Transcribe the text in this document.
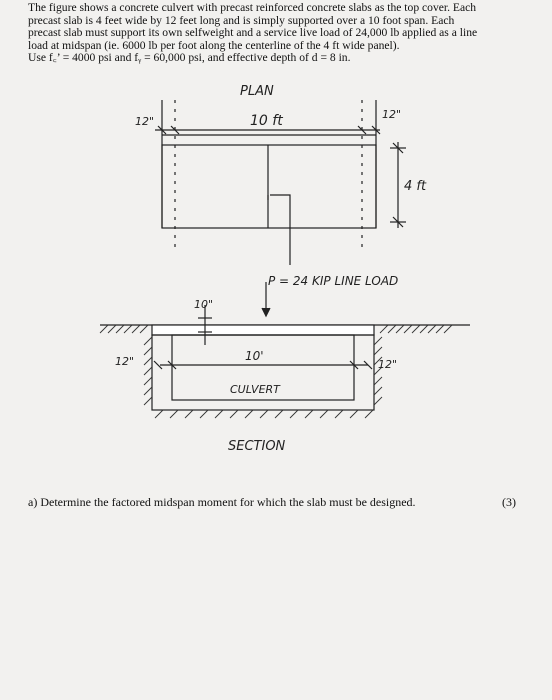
The figure shows a concrete culvert with precast reinforced concrete slabs as the top cover. Each

precast slab is 4 feet wide by 12 feet long and is simply supported over a 10 foot span. Each

precast slab must support its own selfweight and a service live load of 24,000 lb applied as a line

load at midspan (ie. 6000 lb per foot along the centerline of the 4 ft wide panel).

Use f꜀’ = 4000 psi and fᵧ = 60,000 psi, and effective depth of d = 8 in.

PLAN
10 ft
12"
12"
4 ft
P = 24 KIP LINE LOAD
10"
10'
CULVERT
12"	12"
SECTION
a) Determine the factored midspan moment for which the slab must be designed.	(3)
